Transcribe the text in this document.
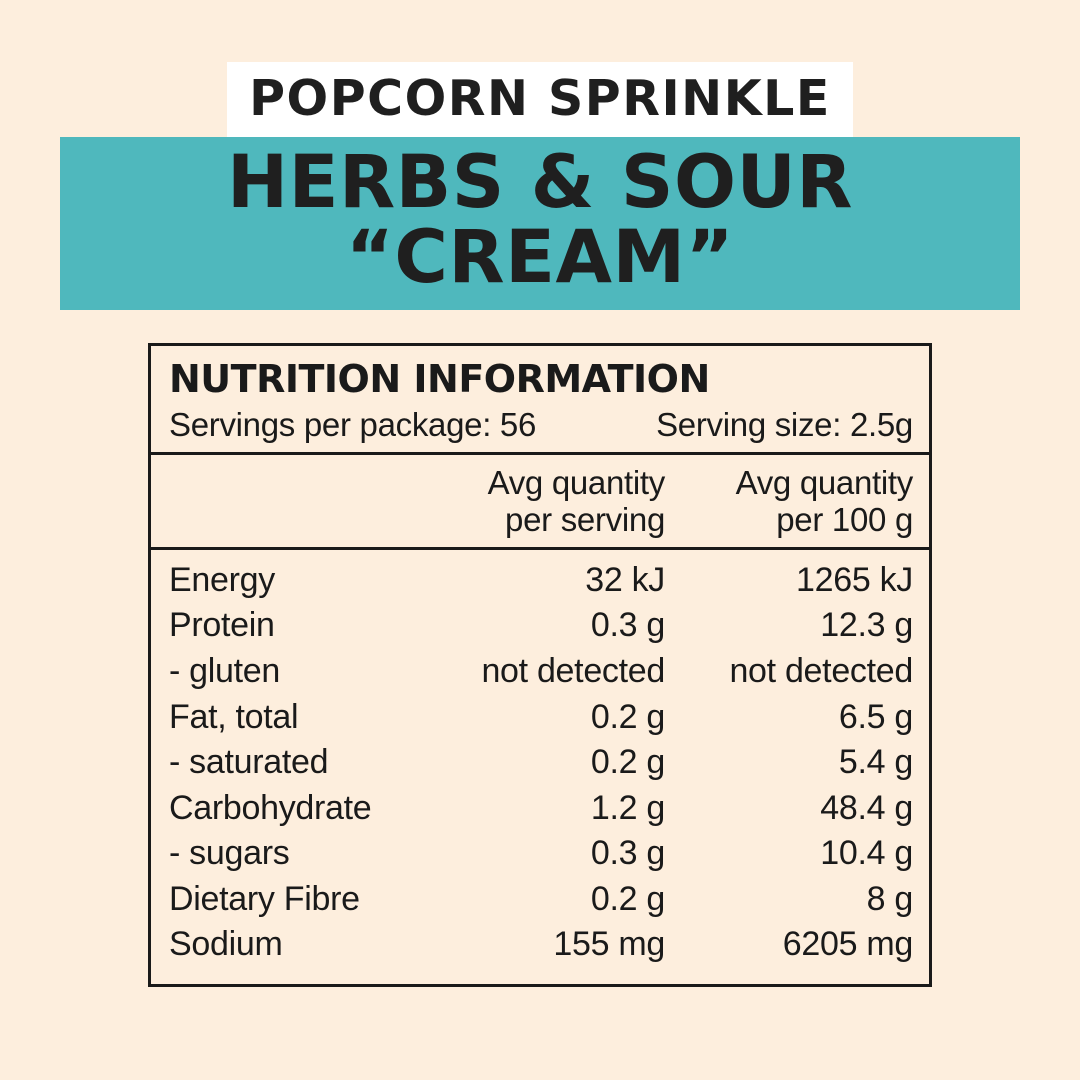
POPCORN SPRINKLE
HERBS & SOUR “CREAM”
NUTRITION INFORMATION
Servings per package: 56	Serving size: 2.5g
Avg quantity
per serving
Avg quantity
per 100 g
Energy	32 kJ	1265 kJ
Protein	0.3 g	12.3 g
- gluten	not detected	not detected
Fat, total	0.2 g	6.5 g
- saturated	0.2 g	5.4 g
Carbohydrate	1.2 g	48.4 g
- sugars	0.3 g	10.4 g
Dietary Fibre	0.2 g	8 g
Sodium	155 mg	6205 mg
